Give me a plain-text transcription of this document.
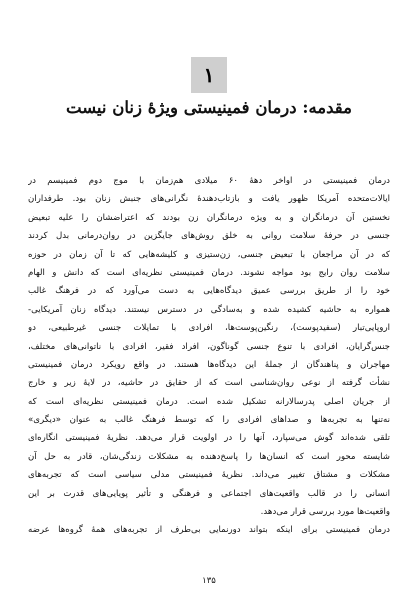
۱
مقدمه: درمان فمینیستی ویژهٔ زنان نیست
درمان فمینیستی در اواخر دههٔ ۶۰ میلادی هم‌زمان با موج دوم فمینیسم در
ایالات‌متحده آمریکا ظهور یافت و بازتاب‌دهندهٔ نگرانی‌های جنبش زنان بود. طرفداران
نخستین آن درمانگران و به ویژه درمانگران زن بودند که اعتراضشان را علیه تبعیض
جنسی در حرفهٔ سلامت روانی به خلق روش‌های جایگزین در روان‌درمانی بدل کردند
که در آن مراجعان با تبعیض جنسی، زن‌ستیزی و کلیشه‌هایی که تا آن زمان در حوزه
سلامت روان رایج بود مواجه نشوند. درمان فمینیستی نظریه‌ای است که دانش و الهام
خود را از طریق بررسی عمیق دیدگاه‌هایی به دست می‌آورد که در فرهنگ غالب
همواره به حاشیه کشیده شده و به‌سادگی در دسترس نیستند. دیدگاه زنان آمریکایی-
اروپایی‌تبار (سفیدپوست)، رنگین‌پوست‌ها، افرادی با تمایلات جنسی غیرطبیعی، دو
جنس‌گرایان، افرادی با تنوع جنسی گوناگون، افراد فقیر، افرادی با ناتوانی‌های مختلف،
مهاجران و پناهندگان از جملهٔ این دیدگاه‌ها هستند. در واقع رویکرد درمان فمینیستی
نشأت گرفته از نوعی روان‌شناسی است که از حقایق در حاشیه، در لایهٔ زیر و خارج
از جریان اصلی پدرسالارانه تشکیل شده است. درمان فمینیستی نظریه‌ای است که
نه‌تنها به تجربه‌ها و صداهای افرادی را که توسط فرهنگ غالب به عنوان «دیگری»
تلقی شده‌اند گوش می‌سپارد، آنها را در اولویت قرار می‌دهد. نظریهٔ فمینیستی انگاره‌ای
شایسته محور است که انسان‌ها را پاسخ‌دهنده به مشکلات زندگی‌شان، قادر به حل آن
مشکلات و مشتاق تغییر می‌داند. نظریهٔ فمینیستی مدلی سیاسی است که تجربه‌های
انسانی را در قالب واقعیت‌های اجتماعی و فرهنگی و تأثیر پویایی‌های قدرت بر این
واقعیت‌ها مورد بررسی قرار می‌دهد.
درمان فمینیستی برای اینکه بتواند دورنمایی بی‌طرف از تجربه‌های همهٔ گروه‌ها عرضه
۱۳۵
